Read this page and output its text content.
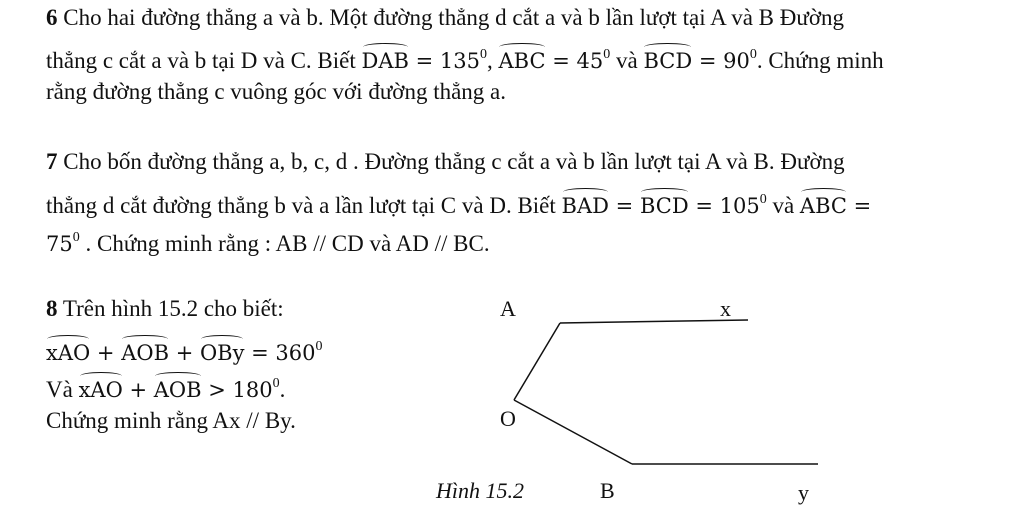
6 Cho hai đường thẳng a và b. Một đường thẳng d cắt a và b lần lượt tại A và B Đường
thẳng c cắt a và b tại D và C. Biết DAB = $135^0$, ABC = $45^0$ và BCD = $90^0$. Chứng minh
rằng đường thẳng c vuông góc với đường thẳng a.
7 Cho bốn đường thẳng a, b, c, d . Đường thẳng c cắt a và b lần lượt tại A và B. Đường
thẳng d cắt đường thẳng b và a lần lượt tại C và D. Biết BAD = BCD = $105^0$ và ABC =
$75^0$ . Chứng minh rằng : AB // CD và AD // BC.
8 Trên hình 15.2 cho biết:
xAO + AOB + OBy = $360^0$
Và xAO + AOB > $180^0$.
Chứng minh rằng Ax // By.
A	x
O
B	y
Hình 15.2
